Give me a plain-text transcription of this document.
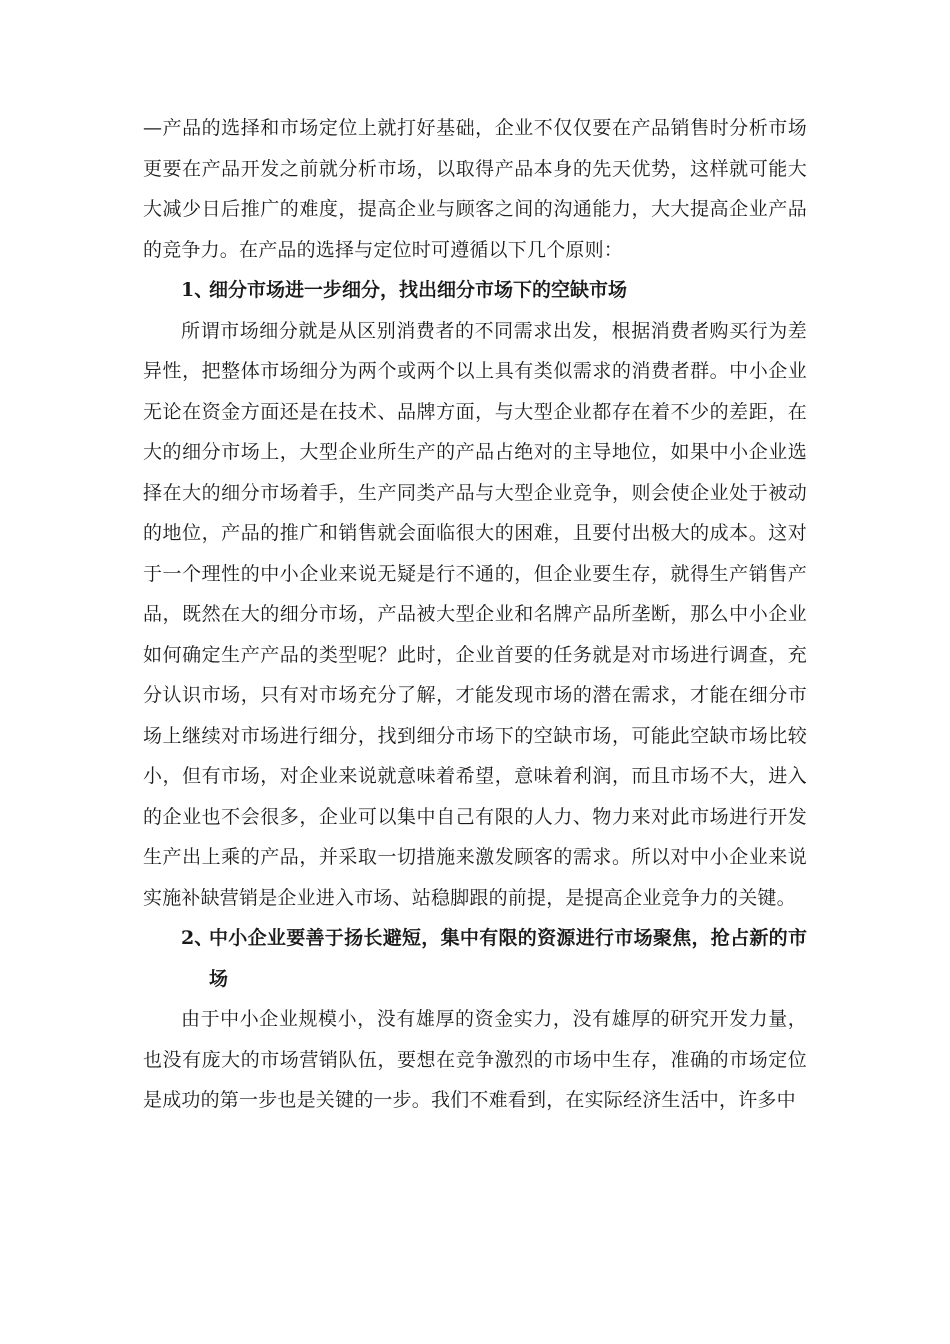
—产品的选择和市场定位上就打好基础，企业不仅仅要在产品销售时分析市场更要在产品开发之前就分析市场，以取得产品本身的先天优势，这样就可能大大减少日后推广的难度，提高企业与顾客之间的沟通能力，大大提高企业产品的竞争力。在产品的选择与定位时可遵循以下几个原则：

1、
细分市场进一步细分，找出细分市场下的空缺市场

所谓市场细分就是从区别消费者的不同需求出发，根据消费者购买行为差异性，把整体市场细分为两个或两个以上具有类似需求的消费者群。中小企业无论在资金方面还是在技术、品牌方面，与大型企业都存在着不少的差距，在大的细分市场上，大型企业所生产的产品占绝对的主导地位，如果中小企业选择在大的细分市场着手，生产同类产品与大型企业竞争，则会使企业处于被动的地位，产品的推广和销售就会面临很大的困难，且要付出极大的成本。这对于一个理性的中小企业来说无疑是行不通的，但企业要生存，就得生产销售产品，既然在大的细分市场，产品被大型企业和名牌产品所垄断，那么中小企业如何确定生产产品的类型呢？此时，企业首要的任务就是对市场进行调查，充分认识市场，只有对市场充分了解，才能发现市场的潜在需求，才能在细分市场上继续对市场进行细分，找到细分市场下的空缺市场，可能此空缺市场比较小，但有市场，对企业来说就意味着希望，意味着利润，而且市场不大，进入的企业也不会很多，企业可以集中自己有限的人力、物力来对此市场进行开发生产出上乘的产品，并采取一切措施来激发顾客的需求。所以对中小企业来说实施补缺营销是企业进入市场、站稳脚跟的前提，是提高企业竞争力的关键。

2、
中小企业要善于扬长避短，集中有限的资源进行市场聚焦，抢占新的市场

由于中小企业规模小，没有雄厚的资金实力，没有雄厚的研究开发力量，也没有庞大的市场营销队伍，要想在竞争激烈的市场中生存，准确的市场定位是成功的第一步也是关键的一步。我们不难看到，在实际经济生活中，许多中
